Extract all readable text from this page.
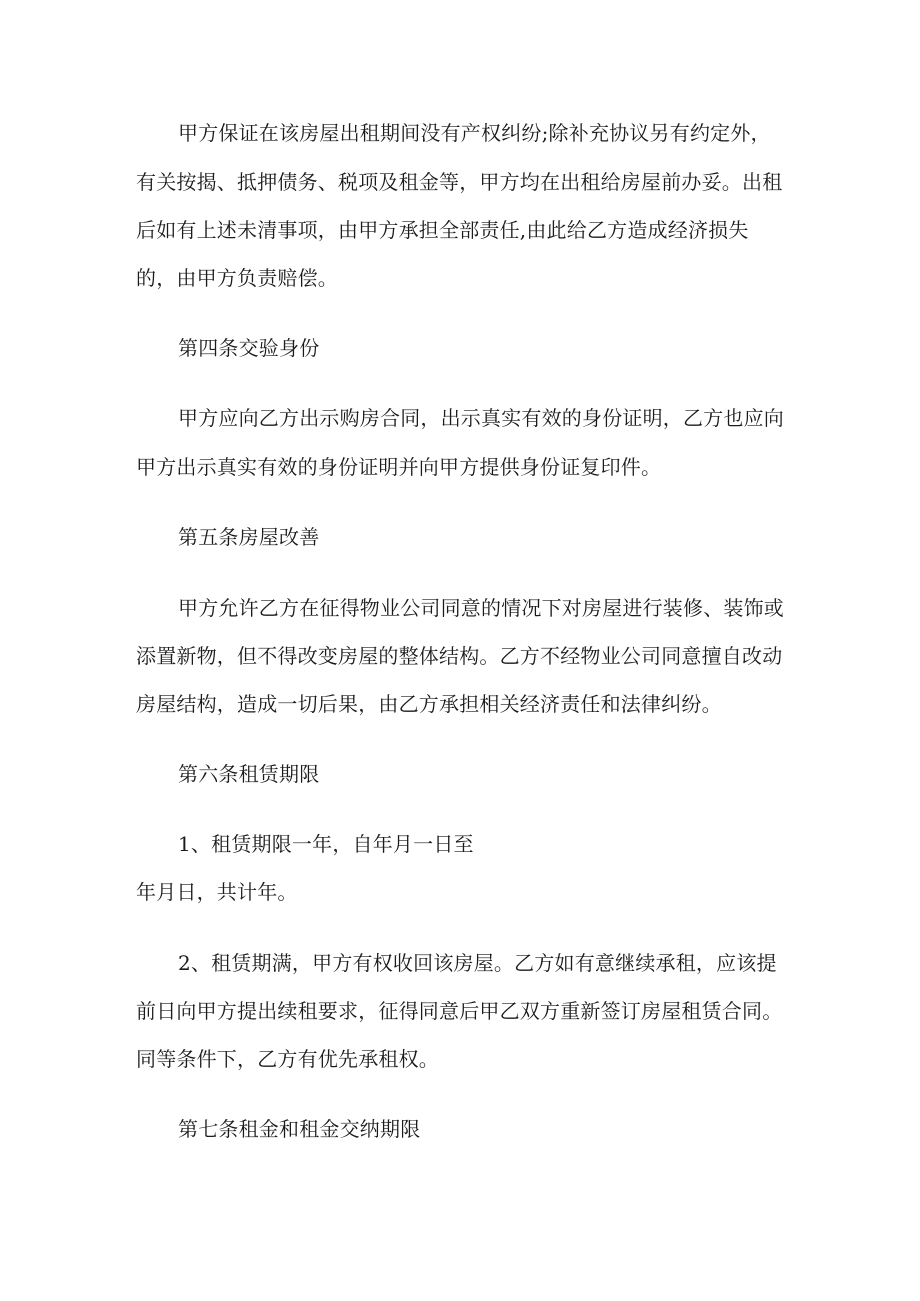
甲方保证在该房屋出租期间没有产权纠纷;除补充协议另有约定外，
有关按揭、抵押债务、税项及租金等，甲方均在出租给房屋前办妥。出租
后如有上述未清事项，由甲方承担全部责任,由此给乙方造成经济损失
的，由甲方负责赔偿。
第四条交验身份
甲方应向乙方出示购房合同，出示真实有效的身份证明，乙方也应向
甲方出示真实有效的身份证明并向甲方提供身份证复印件。
第五条房屋改善
甲方允许乙方在征得物业公司同意的情况下对房屋进行装修、装饰或
添置新物，但不得改变房屋的整体结构。乙方不经物业公司同意擅自改动
房屋结构，造成一切后果，由乙方承担相关经济责任和法律纠纷。
第六条租赁期限
1、租赁期限一年，自年月一日至
年月日，共计年。
2、租赁期满，甲方有权收回该房屋。乙方如有意继续承租，应该提
前日向甲方提出续租要求，征得同意后甲乙双方重新签订房屋租赁合同。
同等条件下，乙方有优先承租权。
第七条租金和租金交纳期限
